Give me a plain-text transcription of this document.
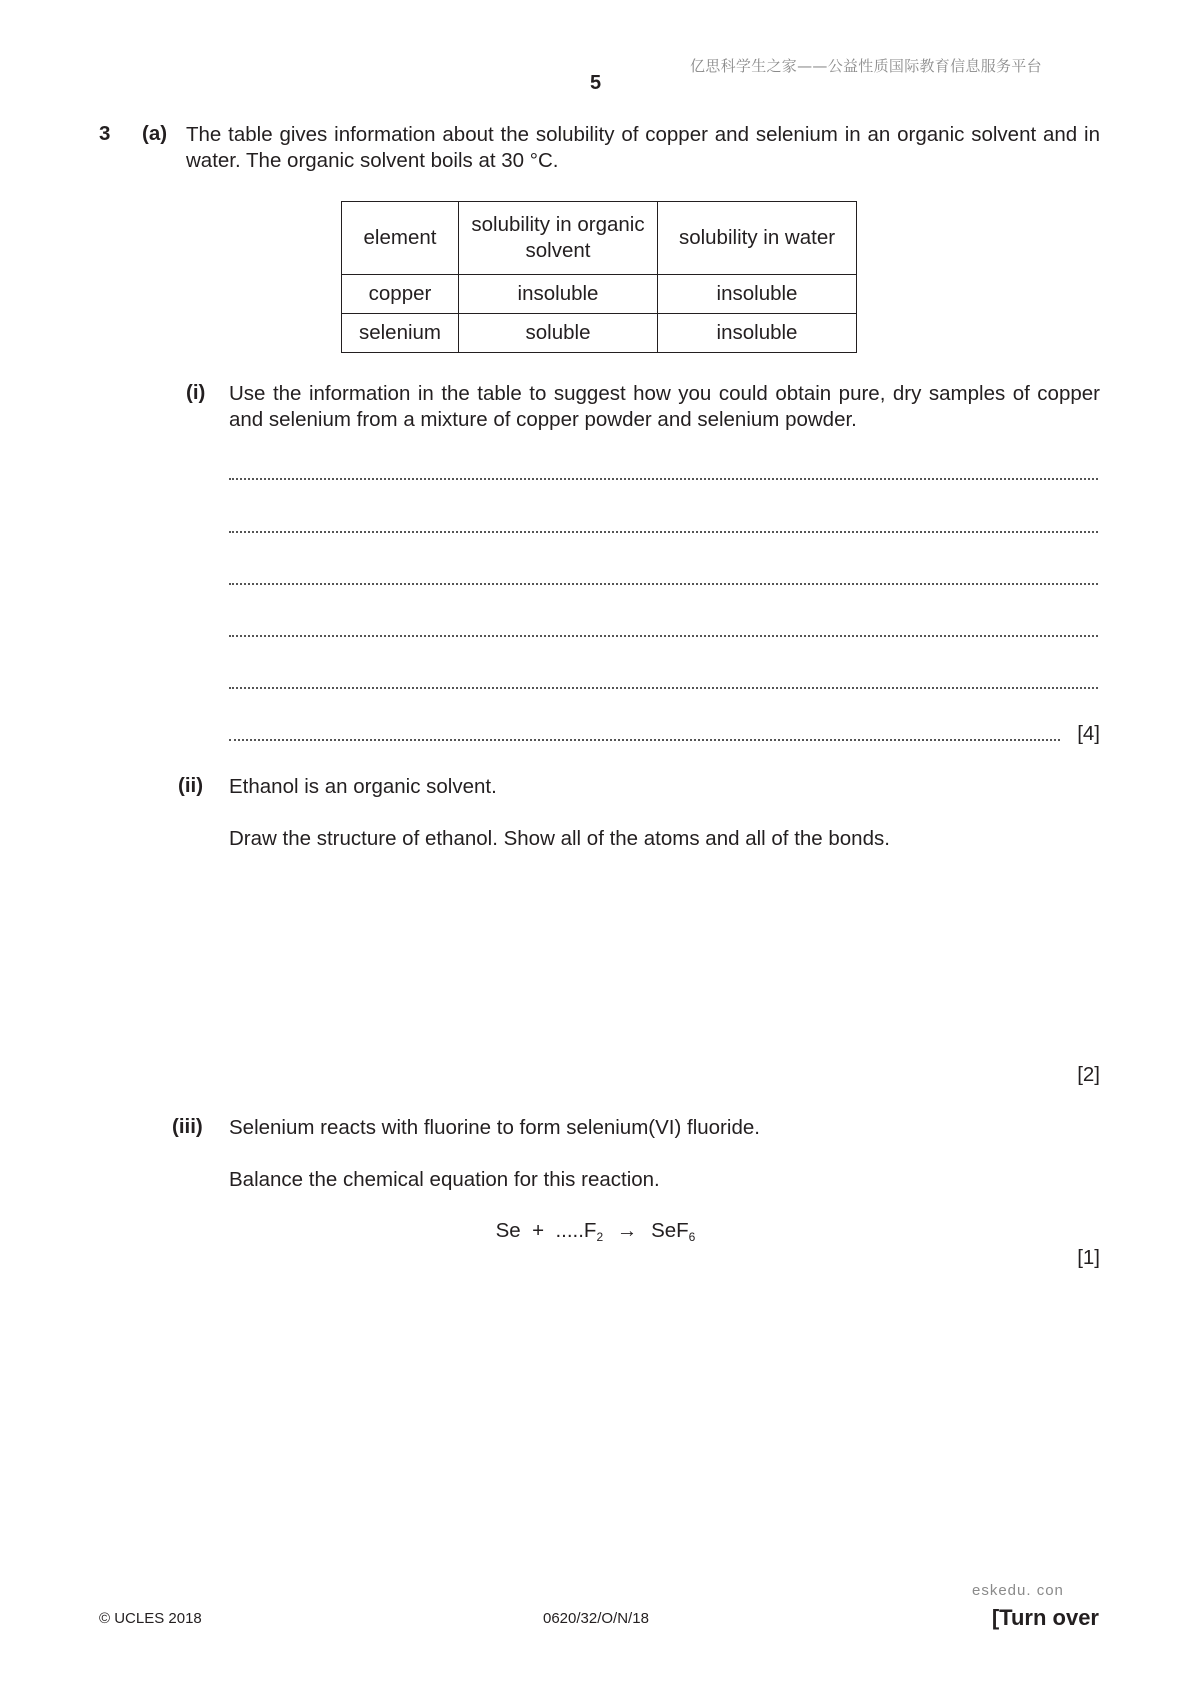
亿思科学生之家——公益性质国际教育信息服务平台
5
3 (a) The table gives information about the solubility of copper and selenium in an organic solvent and in water. The organic solvent boils at 30 °C.
element	solubility in organic solvent	solubility in water
copper	insoluble	insoluble
selenium	soluble	insoluble
(i) Use the information in the table to suggest how you could obtain pure, dry samples of copper and selenium from a mixture of copper powder and selenium powder.
[4]
(ii) Ethanol is an organic solvent.
Draw the structure of ethanol. Show all of the atoms and all of the bonds.
[2]
(iii) Selenium reacts with fluorine to form selenium(VI) fluoride.
Balance the chemical equation for this reaction.
$Se + .....F_2 \to SeF_6$
[1]
eskedu. con
© UCLES 2018	0620/32/O/N/18	[Turn over
